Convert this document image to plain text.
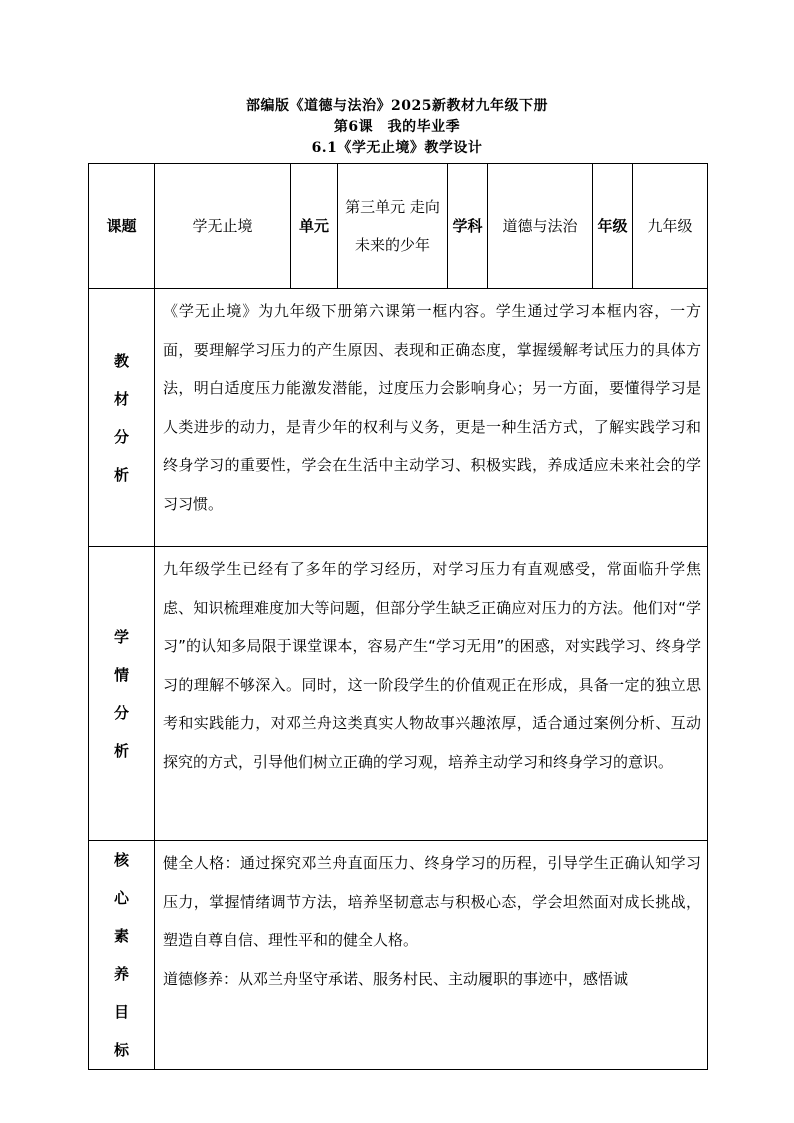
部编版《道德与法治》2025新教材九年级下册
第6课　我的毕业季
6.1《学无止境》教学设计
课题	学无止境	单元	第三单元 走向未来的少年	学科	道德与法治	年级	九年级
教材分析	《学无止境》为九年级下册第六课第一框内容。学生通过学习本框内容，一方面，要理解学习压力的产生原因、表现和正确态度，掌握缓解考试压力的具体方法，明白适度压力能激发潜能，过度压力会影响身心；另一方面，要懂得学习是人类进步的动力，是青少年的权利与义务，更是一种生活方式，了解实践学习和终身学习的重要性，学会在生活中主动学习、积极实践，养成适应未来社会的学习习惯。						

学情分析	九年级学生已经有了多年的学习经历，对学习压力有直观感受，常面临升学焦虑、知识梳理难度加大等问题，但部分学生缺乏正确应对压力的方法。他们对“学习”的认知多局限于课堂课本，容易产生“学习无用”的困惑，对实践学习、终身学习的理解不够深入。同时，这一阶段学生的价值观正在形成，具备一定的独立思考和实践能力，对邓兰舟这类真实人物故事兴趣浓厚，适合通过案例分析、互动探究的方式，引导他们树立正确的学习观，培养主动学习和终身学习的意识。						

核心素养目标	健全人格：通过探究邓兰舟直面压力、终身学习的历程，引导学生正确认知学习压力，掌握情绪调节方法，培养坚韧意志与积极心态，学会坦然面对成长挑战，塑造自尊自信、理性平和的健全人格。

道德修养：从邓兰舟坚守承诺、服务村民、主动履职的事迹中，感悟诚						
